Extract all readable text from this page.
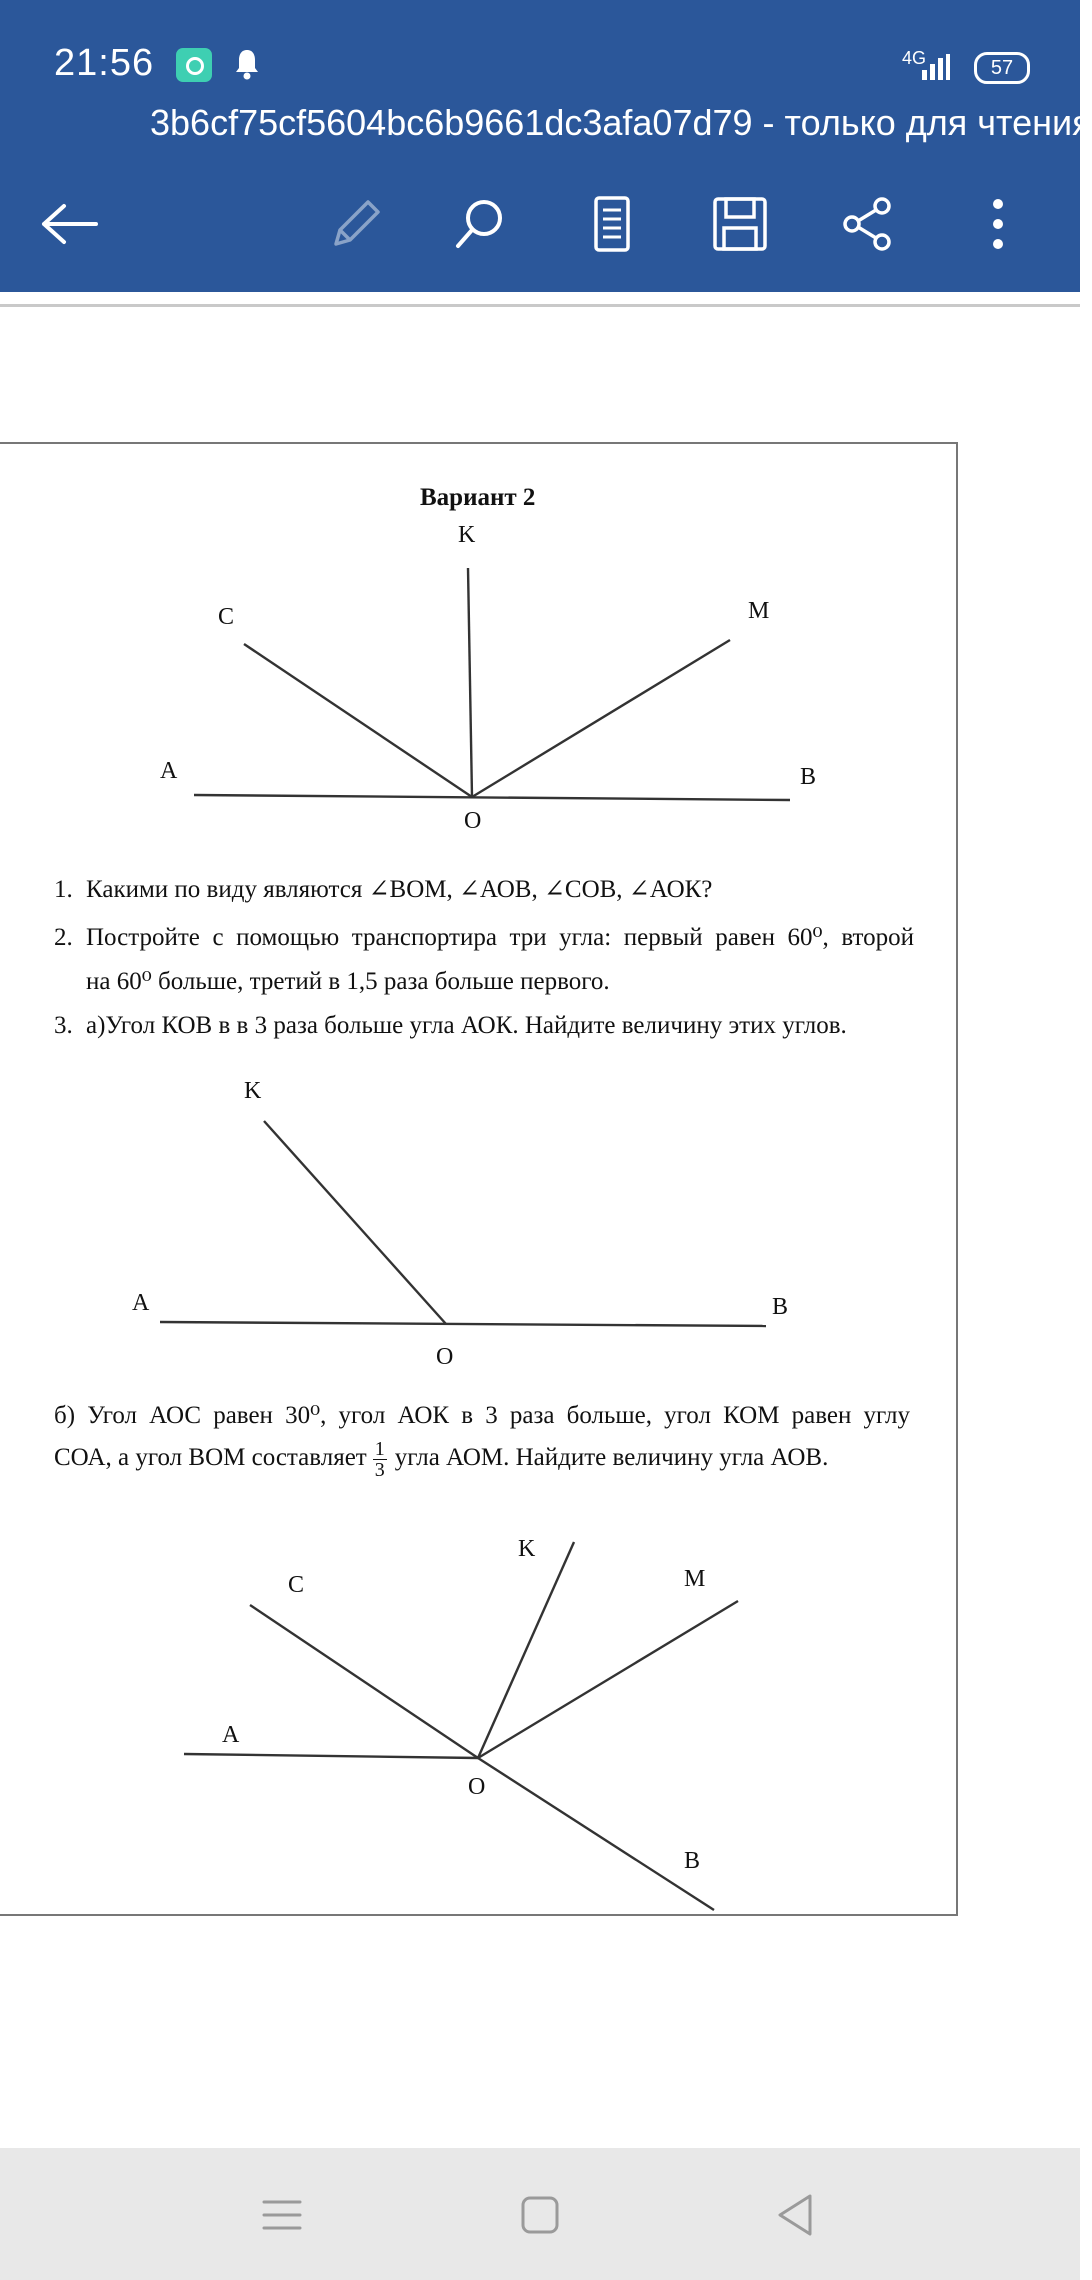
21:56	4G	57
3b6cf75cf5604bc6b9661dc3afa07d79 - только для чтения
Вариант 2
K
C	M
A	B
O
1. Какими по виду являются ∠ВОМ, ∠АОВ, ∠СОВ, ∠АОК?
2. Постройте с помощью транспортира три угла: первый равен 60⁰, второй
на 60⁰ больше, третий в 1,5 раза больше первого.
3. а)Угол КОВ в в 3 раза больше угла АОК. Найдите величину этих углов.
K
A	B
O
б) Угол АОС равен 30⁰, угол АОК в 3 раза больше, угол КОМ равен углу
СОА, а угол ВОМ составляет $\frac{1}{3}$ угла АОМ. Найдите величину угла АОВ.
K
C	M
A
O
B
